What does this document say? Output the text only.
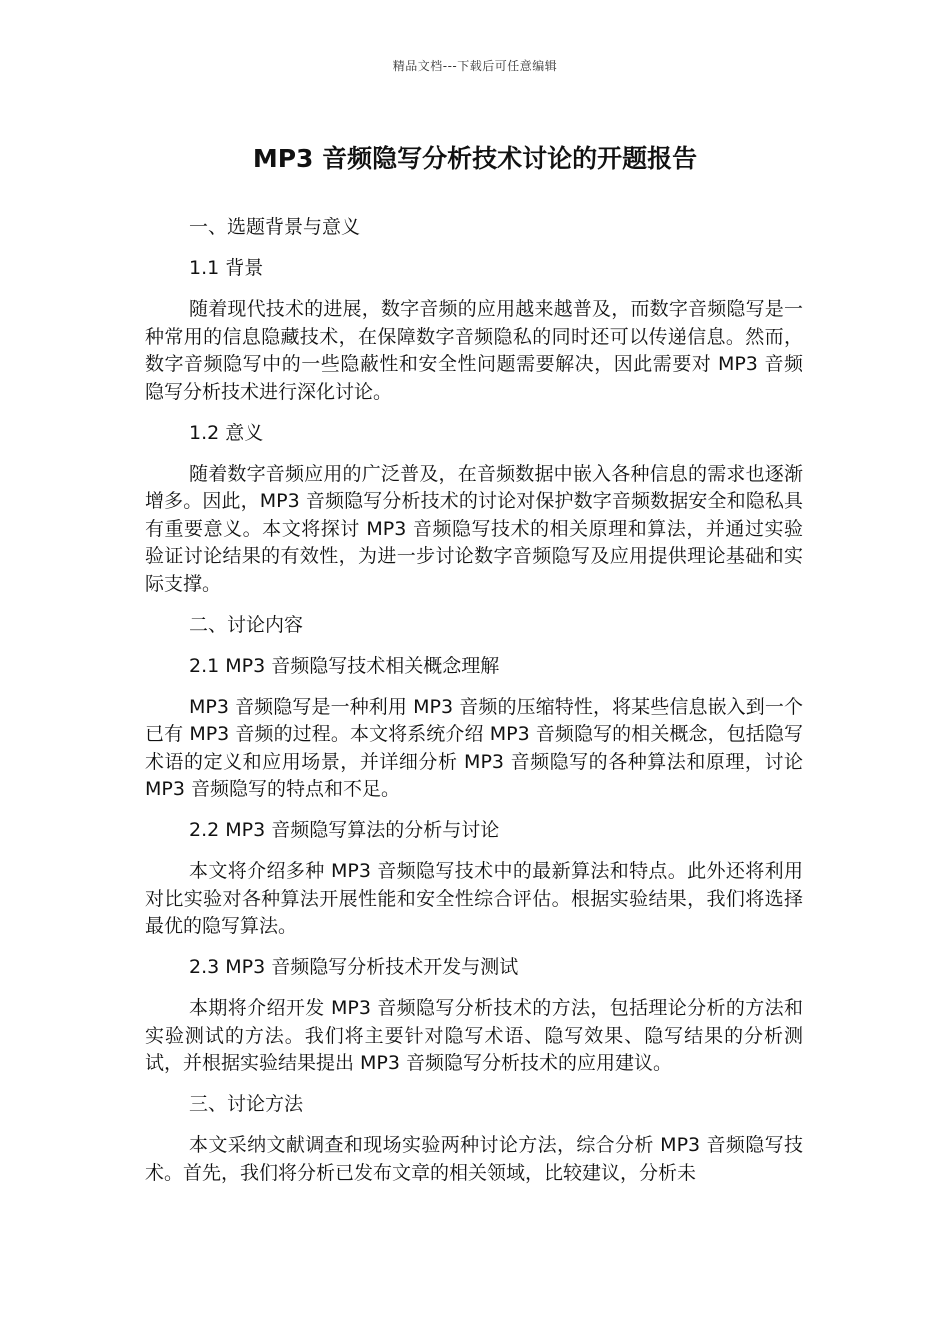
精品文档---下载后可任意编辑
MP3 音频隐写分析技术讨论的开题报告
一、选题背景与意义
1.1 背景

随着现代技术的进展，数字音频的应用越来越普及，而数字音频隐写是一种常用的信息隐藏技术，在保障数字音频隐私的同时还可以传递信息。然而，数字音频隐写中的一些隐蔽性和安全性问题需要解决，因此需要对 MP3 音频隐写分析技术进行深化讨论。

1.2 意义

随着数字音频应用的广泛普及，在音频数据中嵌入各种信息的需求也逐渐增多。因此，MP3 音频隐写分析技术的讨论对保护数字音频数据安全和隐私具有重要意义。本文将探讨 MP3 音频隐写技术的相关原理和算法，并通过实验验证讨论结果的有效性，为进一步讨论数字音频隐写及应用提供理论基础和实际支撑。

二、讨论内容
2.1 MP3 音频隐写技术相关概念理解

MP3 音频隐写是一种利用 MP3 音频的压缩特性，将某些信息嵌入到一个已有 MP3 音频的过程。本文将系统介绍 MP3 音频隐写的相关概念，包括隐写术语的定义和应用场景，并详细分析 MP3 音频隐写的各种算法和原理，讨论 MP3 音频隐写的特点和不足。

2.2 MP3 音频隐写算法的分析与讨论

本文将介绍多种 MP3 音频隐写技术中的最新算法和特点。此外还将利用对比实验对各种算法开展性能和安全性综合评估。根据实验结果，我们将选择最优的隐写算法。

2.3 MP3 音频隐写分析技术开发与测试

本期将介绍开发 MP3 音频隐写分析技术的方法，包括理论分析的方法和实验测试的方法。我们将主要针对隐写术语、隐写效果、隐写结果的分析测试，并根据实验结果提出 MP3 音频隐写分析技术的应用建议。

三、讨论方法

本文采纳文献调查和现场实验两种讨论方法，综合分析 MP3 音频隐写技术。首先，我们将分析已发布文章的相关领域，比较建议，分析未
